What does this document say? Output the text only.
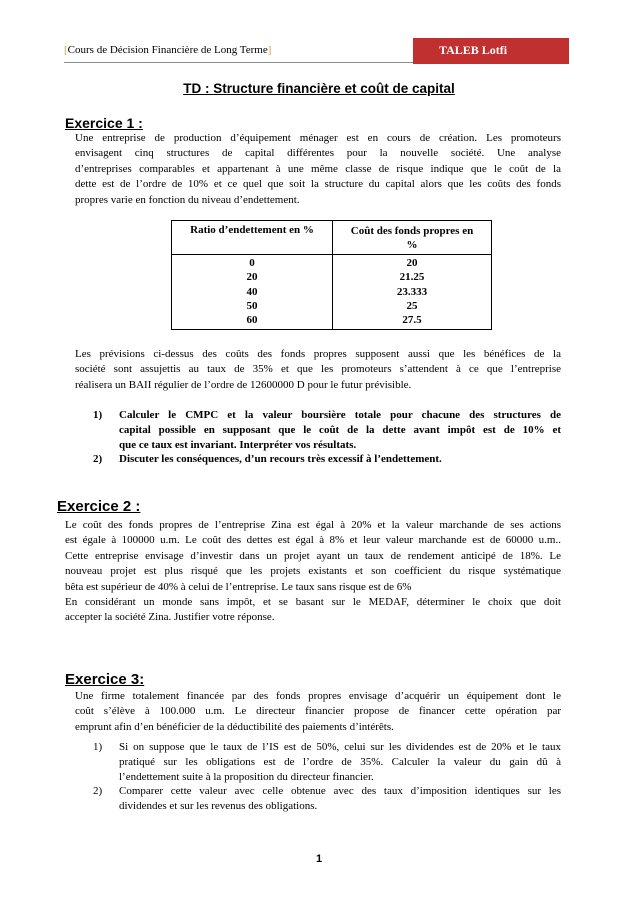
[Cours de Décision Financière de Long Terme]	TALEB Lotfi
TD : Structure financière et coût de capital
Exercice 1 :
Une entreprise de production d’équipement ménager est en cours de création. Les promoteurs
envisagent cinq structures de capital différentes pour la nouvelle société. Une analyse
d’entreprises comparables et appartenant à une même classe de risque indique que le coût de la
dette est de l’ordre de 10% et ce quel que soit la structure du capital alors que les coûts des fonds
propres varie en fonction du niveau d’endettement.
Ratio d’endettement en %	Coût des fonds propres en
%
0
20
40
50
60
20
21.25
23.333
25
27.5
Les prévisions ci-dessus des coûts des fonds propres supposent aussi que les bénéfices de la
société sont assujettis au taux de 35% et que les promoteurs s’attendent à ce que l’entreprise
réalisera un BAII régulier de l’ordre de 12600000 D pour le futur prévisible.
1) Calculer le CMPC et la valeur boursière totale pour chacune des structures de
capital possible en supposant que le coût de la dette avant impôt est de 10% et
que ce taux est invariant. Interpréter vos résultats.
2) Discuter les conséquences, d’un recours très excessif à l’endettement.
Exercice 2 :
Le coût des fonds propres de l’entreprise Zina est égal à 20% et la valeur marchande de ses actions
est égale à 100000 u.m. Le coût des dettes est égal à 8% et leur valeur marchande est de 60000 u.m..
Cette entreprise envisage d’investir dans un projet ayant un taux de rendement anticipé de 18%. Le
nouveau projet est plus risqué que les projets existants et son coefficient du risque systématique
bêta est supérieur de 40% à celui de l’entreprise. Le taux sans risque est de 6%
En considérant un monde sans impôt, et se basant sur le MEDAF, déterminer le choix que doit
accepter la société Zina. Justifier votre réponse.
Exercice 3:
Une firme totalement financée par des fonds propres envisage d’acquérir un équipement dont le
coût s’élève à 100.000 u.m. Le directeur financier propose de financer cette opération par
emprunt afin d’en bénéficier de la déductibilité des paiements d’intérêts.
1) Si on suppose que le taux de l’IS est de 50%, celui sur les dividendes est de 20% et le taux
pratiqué sur les obligations est de l’ordre de 35%. Calculer la valeur du gain dû à
l’endettement suite à la proposition du directeur financier.
2) Comparer cette valeur avec celle obtenue avec des taux d’imposition identiques sur les
dividendes et sur les revenus des obligations.
1
